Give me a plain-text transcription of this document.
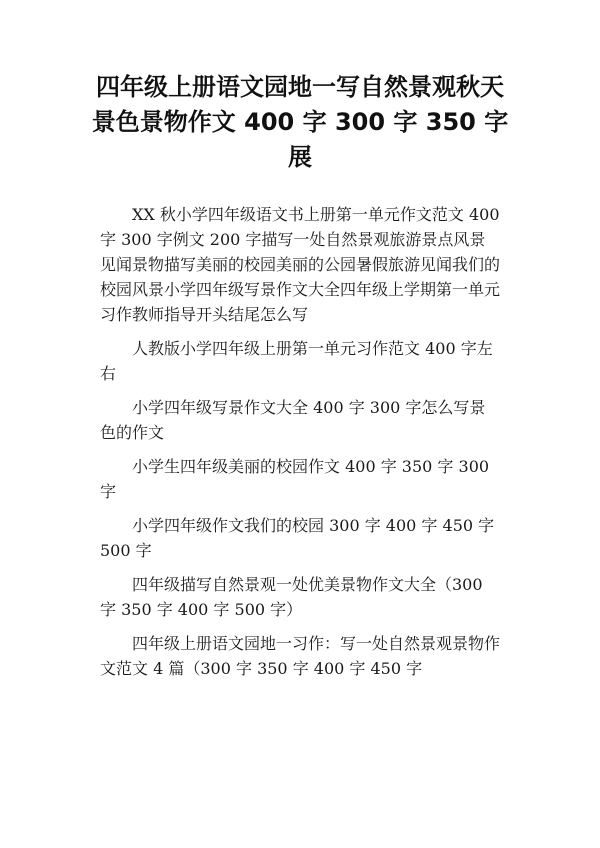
四年级上册语文园地一写自然景观秋天景色景物作文 400 字 300 字 350 字展

XX 秋小学四年级语文书上册第一单元作文范文 400 字 300 字例文 200 字描写一处自然景观旅游景点风景见闻景物描写美丽的校园美丽的公园暑假旅游见闻我们的校园风景小学四年级写景作文大全四年级上学期第一单元习作教师指导开头结尾怎么写

人教版小学四年级上册第一单元习作范文 400 字左右

小学四年级写景作文大全 400 字 300 字怎么写景色的作文

小学生四年级美丽的校园作文 400 字 350 字 300 字

小学四年级作文我们的校园 300 字 400 字 450 字 500 字

四年级描写自然景观一处优美景物作文大全（300 字 350 字 400 字 500 字）

四年级上册语文园地一习作：写一处自然景观景物作文范文 4 篇（300 字 350 字 400 字 450 字
